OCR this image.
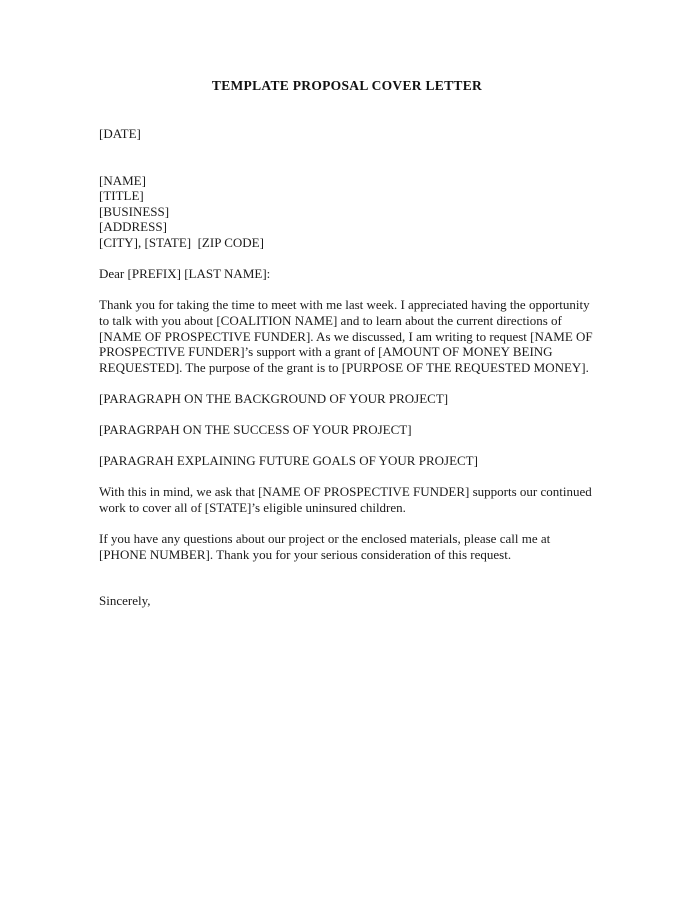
TEMPLATE PROPOSAL COVER LETTER

[DATE]

[NAME]

[TITLE]

[BUSINESS]

[ADDRESS]

[CITY], [STATE]  [ZIP CODE]

Dear [PREFIX] [LAST NAME]:

Thank you for taking the time to meet with me last week. I appreciated having the opportunity to talk with you about [COALITION NAME] and to learn about the current directions of [NAME OF PROSPECTIVE FUNDER]. As we discussed, I am writing to request [NAME OF PROSPECTIVE FUNDER]’s support with a grant of [AMOUNT OF MONEY BEING REQUESTED]. The purpose of the grant is to [PURPOSE OF THE REQUESTED MONEY].

[PARAGRAPH ON THE BACKGROUND OF YOUR PROJECT]

[PARAGRPAH ON THE SUCCESS OF YOUR PROJECT]

[PARAGRAH EXPLAINING FUTURE GOALS OF YOUR PROJECT]

With this in mind, we ask that [NAME OF PROSPECTIVE FUNDER] supports our continued work to cover all of [STATE]’s eligible uninsured children.

If you have any questions about our project or the enclosed materials, please call me at [PHONE NUMBER]. Thank you for your serious consideration of this request.

Sincerely,
